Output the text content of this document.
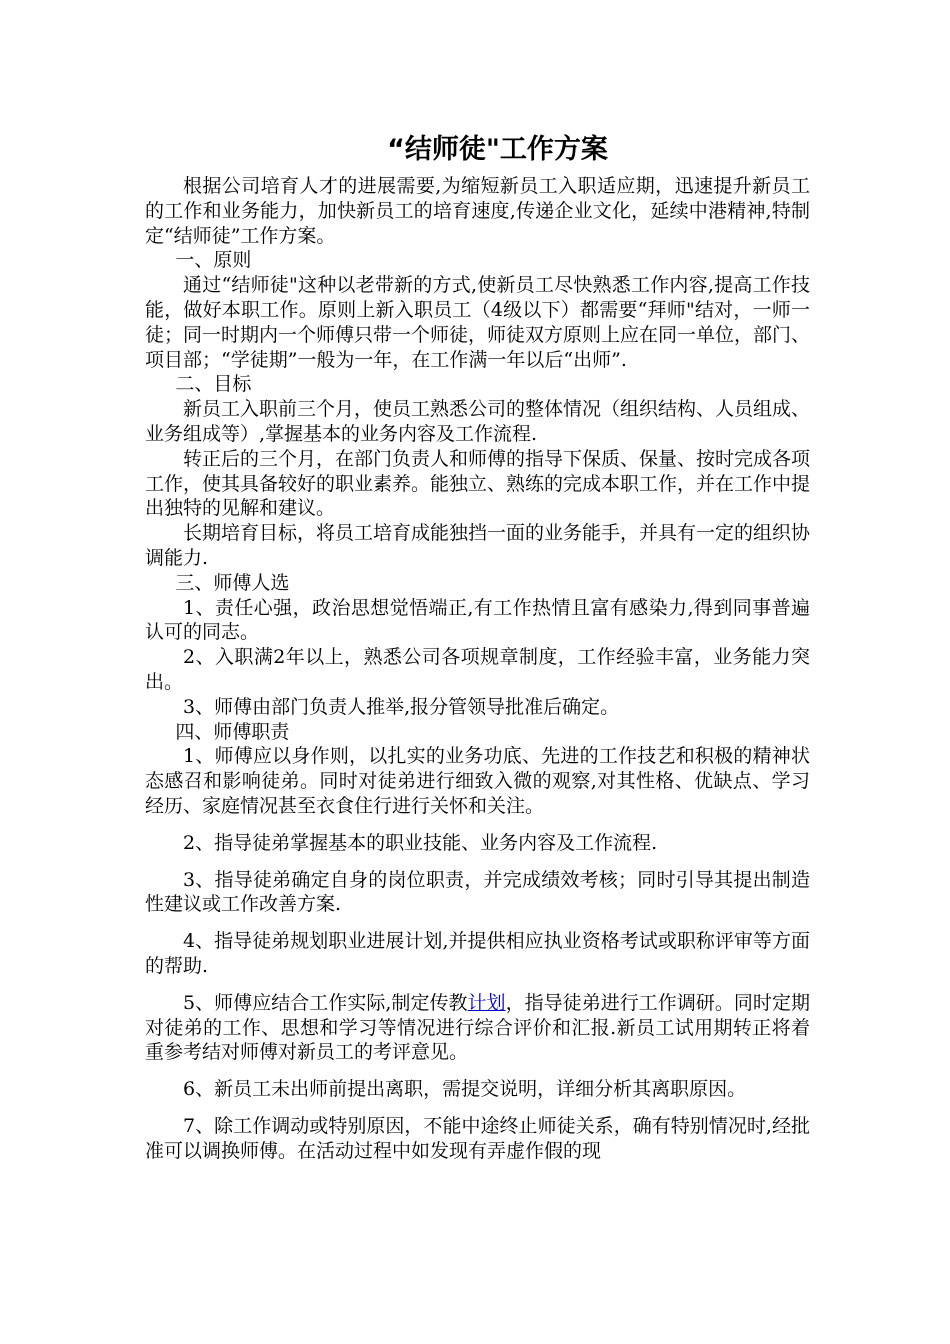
“结师徒"工作方案

根据公司培育人才的进展需要,为缩短新员工入职适应期，迅速提升新员工的工作和业务能力，加快新员工的培育速度,传递企业文化，延续中港精神,特制定“结师徒”工作方案。

一、原则

通过“结师徒"这种以老带新的方式,使新员工尽快熟悉工作内容,提高工作技能，做好本职工作。原则上新入职员工（4级以下）都需要“拜师"结对，一师一徒；同一时期内一个师傅只带一个师徒，师徒双方原则上应在同一单位，部门、项目部；“学徒期”一般为一年，在工作满一年以后“出师”.

二、目标

新员工入职前三个月，使员工熟悉公司的整体情况（组织结构、人员组成、业务组成等）,掌握基本的业务内容及工作流程.

转正后的三个月，在部门负责人和师傅的指导下保质、保量、按时完成各项工作，使其具备较好的职业素养。能独立、熟练的完成本职工作，并在工作中提出独特的见解和建议。

长期培育目标，将员工培育成能独挡一面的业务能手，并具有一定的组织协调能力.

三、师傅人选

1、责任心强，政治思想觉悟端正,有工作热情且富有感染力,得到同事普遍认可的同志。

2、入职满2年以上，熟悉公司各项规章制度，工作经验丰富，业务能力突出。

3、师傅由部门负责人推举,报分管领导批准后确定。

四、师傅职责

1、师傅应以身作则，以扎实的业务功底、先进的工作技艺和积极的精神状态感召和影响徒弟。同时对徒弟进行细致入微的观察,对其性格、优缺点、学习经历、家庭情况甚至衣食住行进行关怀和关注。

2、指导徒弟掌握基本的职业技能、业务内容及工作流程.

3、指导徒弟确定自身的岗位职责，并完成绩效考核；同时引导其提出制造性建议或工作改善方案.

4、指导徒弟规划职业进展计划,并提供相应执业资格考试或职称评审等方面的帮助.

5、师傅应结合工作实际,制定传教计划，指导徒弟进行工作调研。同时定期对徒弟的工作、思想和学习等情况进行综合评价和汇报.新员工试用期转正将着重参考结对师傅对新员工的考评意见。

6、新员工未出师前提出离职，需提交说明，详细分析其离职原因。

7、除工作调动或特别原因，不能中途终止师徒关系，确有特别情况时,经批准可以调换师傅。在活动过程中如发现有弄虚作假的现
